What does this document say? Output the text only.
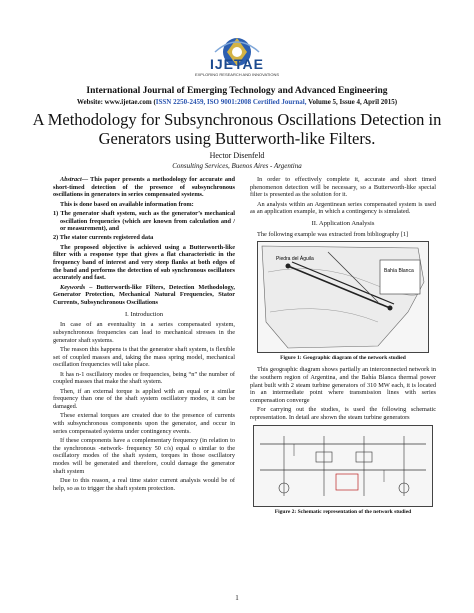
IJETAE
EXPLORING RESEARCH AND INNOVATIONS
International Journal of Emerging Technology and Advanced Engineering
Website: www.ijetae.com (ISSN 2250-2459, ISO 9001:2008 Certified Journal, Volume 5, Issue 4, April 2015)
A Methodology for Subsynchronous Oscillations Detection in Generators using Butterworth-like Filters.
Hector Disenfeld
Consulting Services, Buenos Aires - Argentina

Abstract— This paper presents a methodology for accurate and short-timed detection of the presence of subsynchronous oscillations in generators in series compensated systems.

This is done based on available information from:

1) The generator shaft system, such as the generator’s mechanical oscillation frequencies (which are known from calculation and / or measurement), and

2) The stator currents registered data

The proposed objective is achieved using a Butterworth-like filter with a response type that gives a flat characteristic in the frequency band of interest and very steep flanks at both edges of the band and performs the detection of sub synchronous oscillators accurately and fast.

Keywords – Butterworth-like Filters, Detection Methodology, Generator Protection, Mechanical Natural Frequencies, Stator Currents, Subsynchronous Oscillations

I. Introduction

In case of an eventuality in a series compensated system, subsynchronous frequencies can lead to mechanical stresses in the generator shaft systems.

The reason this happens is that the generator shaft system, is flexible set of coupled masses and, taking the mass spring model, mechanical oscillation frequencies will take place.

It has n-1 oscillatory modes or frequencies, being “n” the number of coupled masses that make the shaft system.

Then, if an external torque is applied with an equal or a similar frequency than one of the shaft system oscillatory modes, it can be damaged.

These external torques are created due to the presence of currents with subsynchronous components upon the generator, and occur in series compensated systems under contingency events.

If these components have a complementary frequency (in relation to the synchronous -network- frequency 50 c/s) equal o similar to the oscillatory modes of the shaft system, torques in those oscillatory modes will be generated and therefore, could damage the generator shaft system

Due to this reason, a real time stator current analysis would be of help, so as to trigger the shaft system protection.

In order to effectively complete it, accurate and short timed phenomenon detection will be necessary, so a Butterworth-like special filter is presented as the solution for it.

An analysis within an Argentinean series compensated system is used as an application example, in which a contingency is simulated.

II. Application Analysis

The following example was extracted from bibliography [1]

Bahía Blanca
Piedra del Águila

Figure 1: Geographic diagram of the network studied

This geographic diagram shows partially an interconnected network in the southern region of Argentina, and the Bahía Blanca thermal power plant built with 2 steam turbine generators of 310 MW each, it is located in an intermediate point where transmission lines with series compensation converge

For carrying out the studies, is used the following schematic representation. In detail are shown the steam turbine generators

Figure 2: Schematic representation of the network studied

1
